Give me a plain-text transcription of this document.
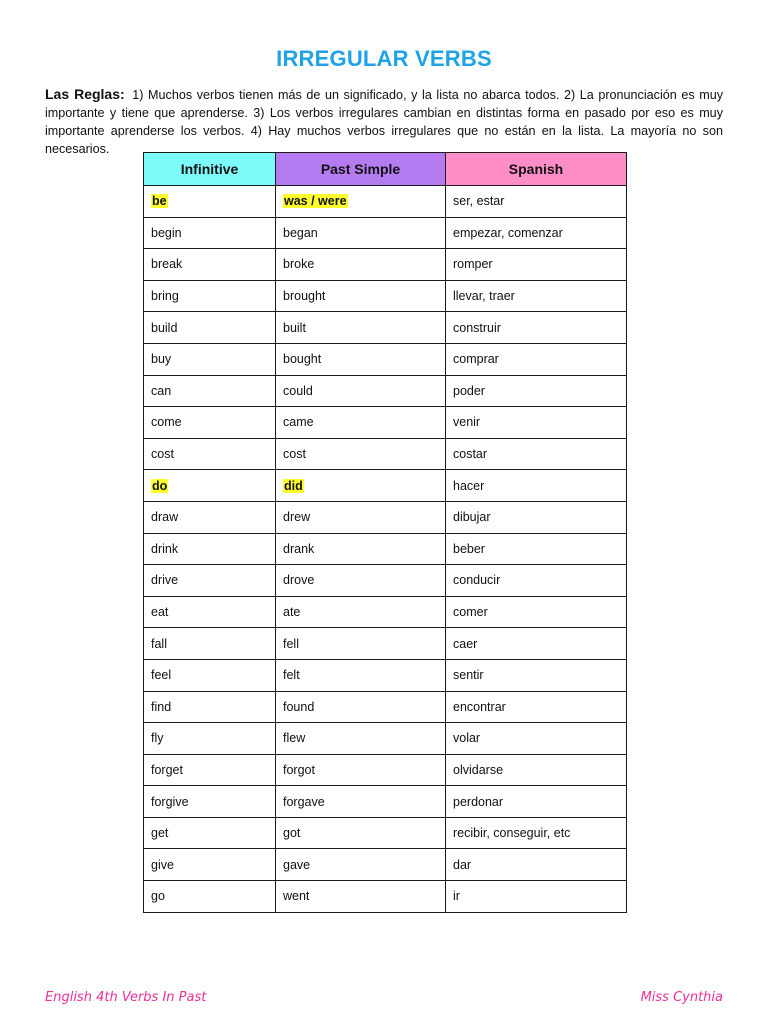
IRREGULAR VERBS
Las Reglas: 1) Muchos verbos tienen más de un significado, y la lista no abarca todos. 2) La pronunciación es muy importante y tiene que aprenderse. 3) Los verbos irregulares cambian en distintas forma en pasado por eso es muy importante aprenderse los verbos. 4) Hay muchos verbos irregulares que no están en la lista. La mayoría no son necesarios.
Infinitive	Past Simple	Spanish
be	was / were	ser, estar
begin	began	empezar, comenzar
break	broke	romper
bring	brought	llevar, traer
build	built	construir
buy	bought	comprar
can	could	poder
come	came	venir
cost	cost	costar
do	did	hacer
draw	drew	dibujar
drink	drank	beber
drive	drove	conducir
eat	ate	comer
fall	fell	caer
feel	felt	sentir
find	found	encontrar
fly	flew	volar
forget	forgot	olvidarse
forgive	forgave	perdonar
get	got	recibir, conseguir, etc
give	gave	dar
go	went	ir
English 4th Verbs In Past	Miss Cynthia
